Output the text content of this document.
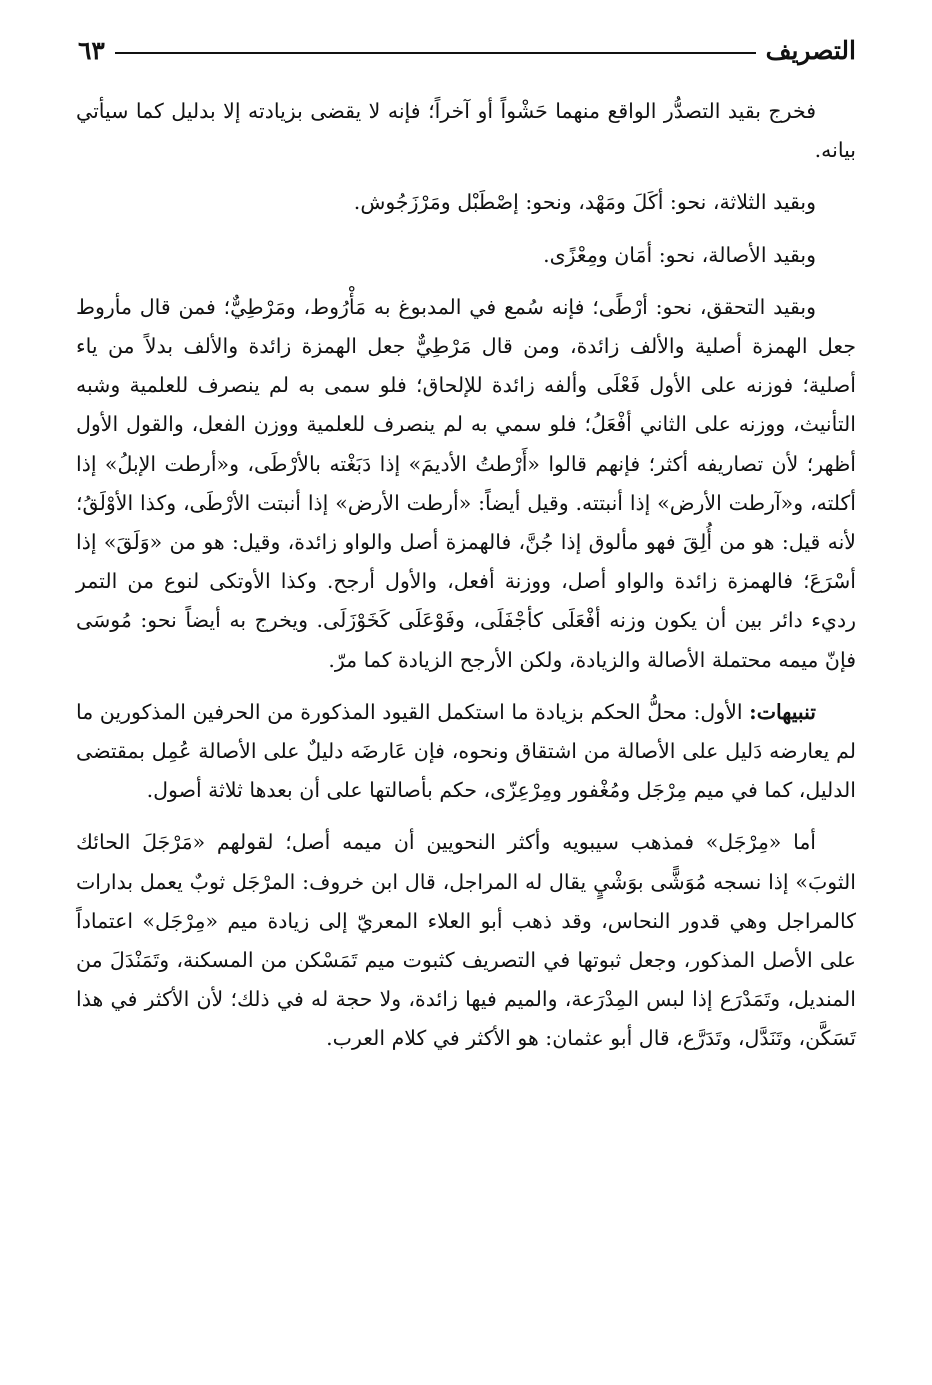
التصريف
٦٣

فخرج بقيد التصدُّر الواقع منهما حَشْواً أو آخراً؛ فإنه لا يقضى بزيادته إلا بدليل كما سيأتي بيانه.

وبقيد الثلاثة، نحو: أكَلَ ومَهْد، ونحو: إصْطَبْل ومَرْزَجُوش.

وبقيد الأصالة، نحو: أمَان ومِعْزًى.

وبقيد التحقق، نحو: أرْطًى؛ فإنه سُمع في المدبوغ به مَأْرُوط، ومَرْطِيٌّ؛ فمن قال مأروط جعل الهمزة أصلية والألف زائدة، ومن قال مَرْطِيٌّ جعل الهمزة زائدة والألف بدلاً من ياء أصلية؛ فوزنه على الأول فَعْلَى وألفه زائدة للإلحاق؛ فلو سمى به لم ينصرف للعلمية وشبه التأنيث، ووزنه على الثاني أفْعَلُ؛ فلو سمي به لم ينصرف للعلمية ووزن الفعل، والقول الأول أظهر؛ لأن تصاريفه أكثر؛ فإنهم قالوا «أَرْطتُ الأديمَ» إذا دَبَغْته بالأرْطَى، و«أرطت الإبلُ» إذا أكلته، و«آرطت الأرض» إذا أنبتته. وقيل أيضاً: «أرطت الأرض» إذا أنبتت الأرْطَى، وكذا الأوْلَقُ؛ لأنه قيل: هو من أُلِقَ فهو مألوق إذا جُنَّ، فالهمزة أصل والواو زائدة، وقيل: هو من «وَلَقَ» إذا أسْرَعَ؛ فالهمزة زائدة والواو أصل، ووزنة أفعل، والأول أرجح. وكذا الأوتكى لنوع من التمر رديء دائر بين أن يكون وزنه أفْعَلَى كأجْفَلَى، وفَوْعَلَى كَخَوْزَلَى. ويخرج به أيضاً نحو: مُوسَى فإنّ ميمه محتملة الأصالة والزيادة، ولكن الأرجح الزيادة كما مرّ.

تنبيهات: الأول: محلُّ الحكم بزيادة ما استكمل القيود المذكورة من الحرفين المذكورين ما لم يعارضه دَليل على الأصالة من اشتقاق ونحوه، فإن عَارضَه دليلٌ على الأصالة عُمِل بمقتضى الدليل، كما في ميم مِرْجَل ومُغْفور ومِرْعِزّى، حكم بأصالتها على أن بعدها ثلاثة أصول.

أما «مِرْجَل» فمذهب سيبويه وأكثر النحويين أن ميمه أصل؛ لقولهم «مَرْجَلَ الحائك الثوبَ» إذا نسجه مُوَشًّى بوَشْيٍ يقال له المراجل، قال ابن خروف: المرْجَل ثوبٌ يعمل بدارات كالمراجل وهي قدور النحاس، وقد ذهب أبو العلاء المعريّ إلى زيادة ميم «مِرْجَل» اعتماداً على الأصل المذكور، وجعل ثبوتها في التصريف كثبوت ميم تَمَسْكن من المسكنة، وتَمَنْدَلَ من المنديل، وتَمَدْرَع إذا لبس المِدْرَعة، والميم فيها زائدة، ولا حجة له في ذلك؛ لأن الأكثر في هذا تَسَكَّن، وتَنَدَّل، وتَدَرَّع، قال أبو عثمان: هو الأكثر في كلام العرب.
